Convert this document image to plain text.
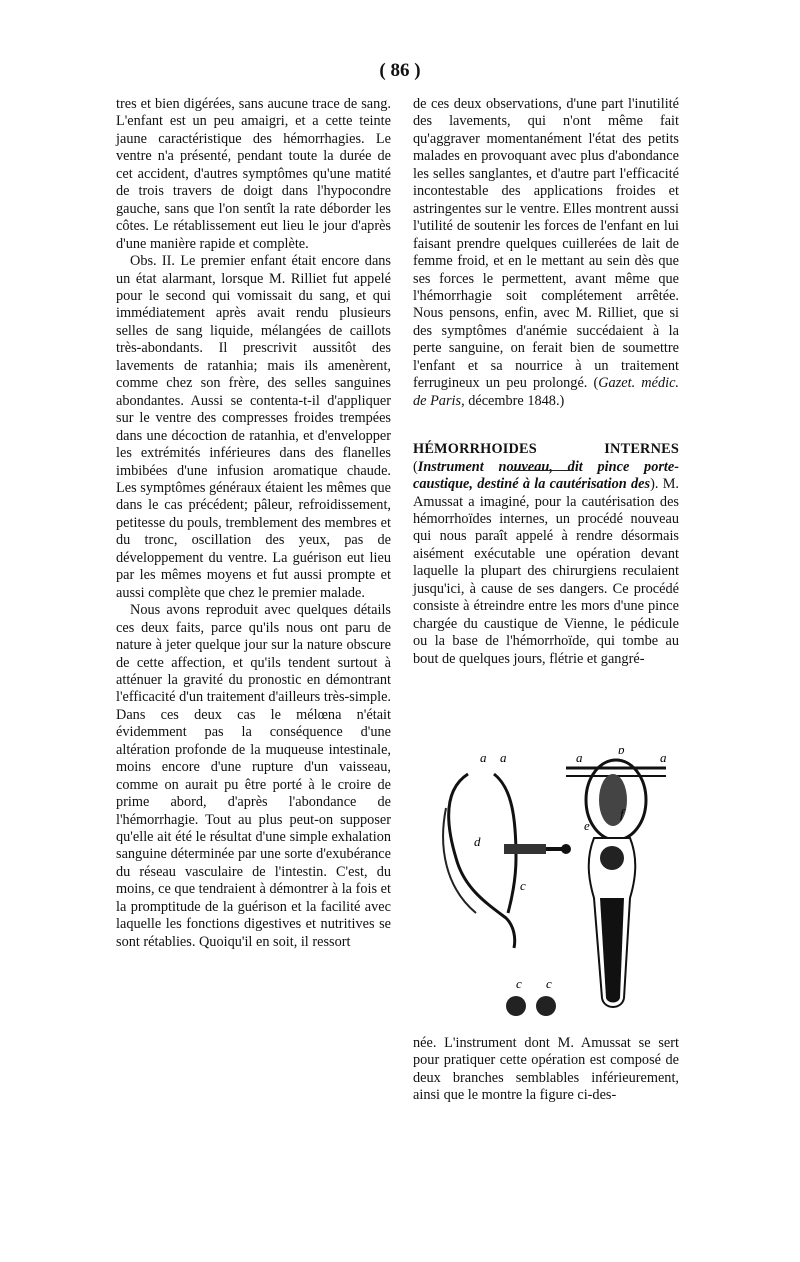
( 86 )

tres et bien digérées, sans aucune trace de sang. L'enfant est un peu amaigri, et a cette teinte jaune caractéristique des hémorrhagies. Le ventre n'a présenté, pendant toute la durée de cet accident, d'autres symptômes qu'une matité de trois travers de doigt dans l'hypocondre gauche, sans que l'on sentît la rate déborder les côtes. Le rétablissement eut lieu le jour d'après d'une manière rapide et complète.

Obs. II. Le premier enfant était encore dans un état alarmant, lorsque M. Rilliet fut appelé pour le second qui vomissait du sang, et qui immédiatement après avait rendu plusieurs selles de sang liquide, mélangées de caillots très-abondants. Il prescrivit aussitôt des lavements de ratanhia; mais ils amenèrent, comme chez son frère, des selles sanguines abondantes. Aussi se contenta-t-il d'appliquer sur le ventre des compresses froides trempées dans une décoction de ratanhia, et d'envelopper les extrémités inférieures dans des flanelles imbibées d'une infusion aromatique chaude. Les symptômes généraux étaient les mêmes que dans le cas précédent; pâleur, refroidissement, petitesse du pouls, tremblement des membres et du tronc, oscillation des yeux, pas de développement du ventre. La guérison eut lieu par les mêmes moyens et fut aussi prompte et aussi complète que chez le premier malade.

Nous avons reproduit avec quelques détails ces deux faits, parce qu'ils nous ont paru de nature à jeter quelque jour sur la nature obscure de cette affection, et qu'ils tendent surtout à atténuer la gravité du pronostic en démontrant l'efficacité d'un traitement d'ailleurs très-simple. Dans ces deux cas le mélœna n'était évidemment pas la conséquence d'une altération profonde de la muqueuse intestinale, moins encore d'une rupture d'un vaisseau, comme on aurait pu être porté à le croire de prime abord, d'après l'abondance de l'hémorrhagie. Tout au plus peut-on supposer qu'elle ait été le résultat d'une simple exhalation sanguine déterminée par une sorte d'exubérance du réseau vasculaire de l'intestin. C'est, du moins, ce que tendraient à démontrer à la fois et la promptitude de la guérison et la facilité avec laquelle les fonctions digestives et nutritives se sont rétablies. Quoiqu'il en soit, il ressort

de ces deux observations, d'une part l'inutilité des lavements, qui n'ont même fait qu'aggraver momentanément l'état des petits malades en provoquant avec plus d'abondance les selles sanglantes, et d'autre part l'efficacité incontestable des applications froides et astringentes sur le ventre. Elles montrent aussi l'utilité de soutenir les forces de l'enfant en lui faisant prendre quelques cuillerées de lait de femme froid, et en le mettant au sein dès que ses forces le permettent, avant même que l'hémorrhagie soit complétement arrêtée. Nous pensons, enfin, avec M. Rilliet, que si des symptômes d'anémie succédaient à la perte sanguine, on ferait bien de soumettre l'enfant et sa nourrice à un traitement ferrugineux un peu prolongé. (Gazet. médic. de Paris, décembre 1848.)

HÉMORRHOIDES INTERNES (Instrument nouveau, dit pince porte-caustique, destiné à la cautérisation des). M. Amussat a imaginé, pour la cautérisation des hémorrhoïdes internes, un procédé nouveau qui nous paraît appelé à rendre désormais aisément exécutable une opération devant laquelle la plupart des chirurgiens reculaient jusqu'ici, à cause de ses dangers. Ce procédé consiste à étreindre entre les mors d'une pince chargée du caustique de Vienne, le pédicule ou la base de l'hémorrhoïde, qui tombe au bout de quelques jours, flétrie et gangré-

a a	a	a
b
c
d
e
f
c c

née. L'instrument dont M. Amussat se sert pour pratiquer cette opération est composé de deux branches semblables inférieurement, ainsi que le montre la figure ci-des-
